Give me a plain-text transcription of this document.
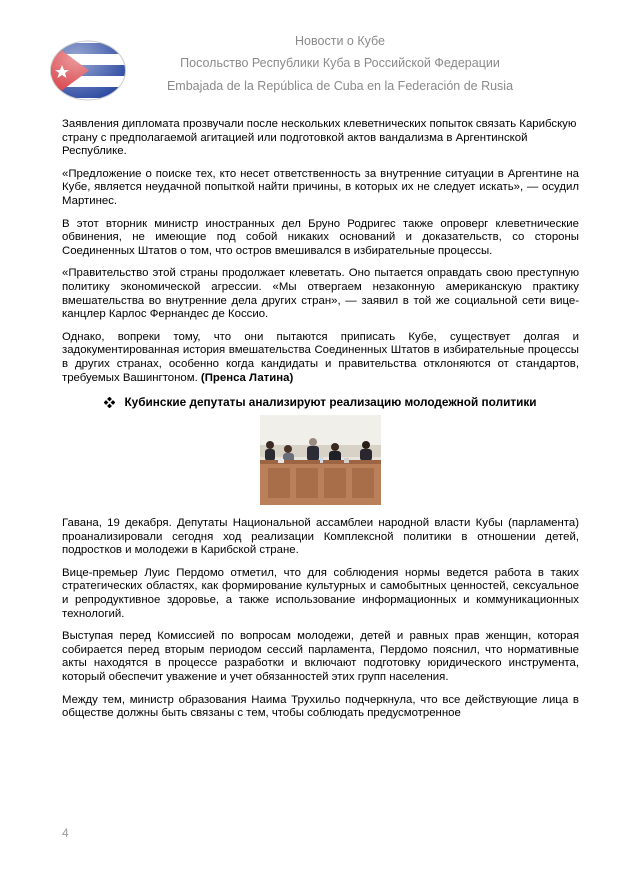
Новости о Кубе
Посольство Республики Куба в Российской Федерации
Embajada de la República de Cuba en la Federación de Rusia

Заявления дипломата прозвучали после нескольких клеветнических попыток связать Карибскую страну с предполагаемой агитацией или подготовкой актов вандализма в Аргентинской Республике.

«Предложение о поиске тех, кто несет ответственность за внутренние ситуации в Аргентине на Кубе, является неудачной попыткой найти причины, в которых их не следует искать», — осудил Мартинес.

В этот вторник министр иностранных дел Бруно Родригес также опроверг клеветнические обвинения, не имеющие под собой никаких оснований и доказательств, со стороны Соединенных Штатов о том, что остров вмешивался в избирательные процессы.

«Правительство этой страны продолжает клеветать. Оно пытается оправдать свою преступную политику экономической агрессии. «Мы отвергаем незаконную американскую практику вмешательства во внутренние дела других стран», — заявил в той же социальной сети вице-канцлер Карлос Фернандес де Коссио.

Однако, вопреки тому, что они пытаются приписать Кубе, существует долгая и задокументированная история вмешательства Соединенных Штатов в избирательные процессы в других странах, особенно когда кандидаты и правительства отклоняются от стандартов, требуемых Вашингтоном. (Пренса Латина)

Кубинские депутаты анализируют реализацию молодежной политики

Гавана, 19 декабря. Депутаты Национальной ассамблеи народной власти Кубы (парламента) проанализировали сегодня ход реализации Комплексной политики в отношении детей, подростков и молодежи в Карибской стране.

Вице-премьер Луис Пердомо отметил, что для соблюдения нормы ведется работа в таких стратегических областях, как формирование культурных и самобытных ценностей, сексуальное и репродуктивное здоровье, а также использование информационных и коммуникационных технологий.

Выступая перед Комиссией по вопросам молодежи, детей и равных прав женщин, которая собирается перед вторым периодом сессий парламента, Пердомо пояснил, что нормативные акты находятся в процессе разработки и включают подготовку юридического инструмента, который обеспечит уважение и учет обязанностей этих групп населения.

Между тем, министр образования Наима Трухильо подчеркнула, что все действующие лица в обществе должны быть связаны с тем, чтобы соблюдать предусмотренное

4
